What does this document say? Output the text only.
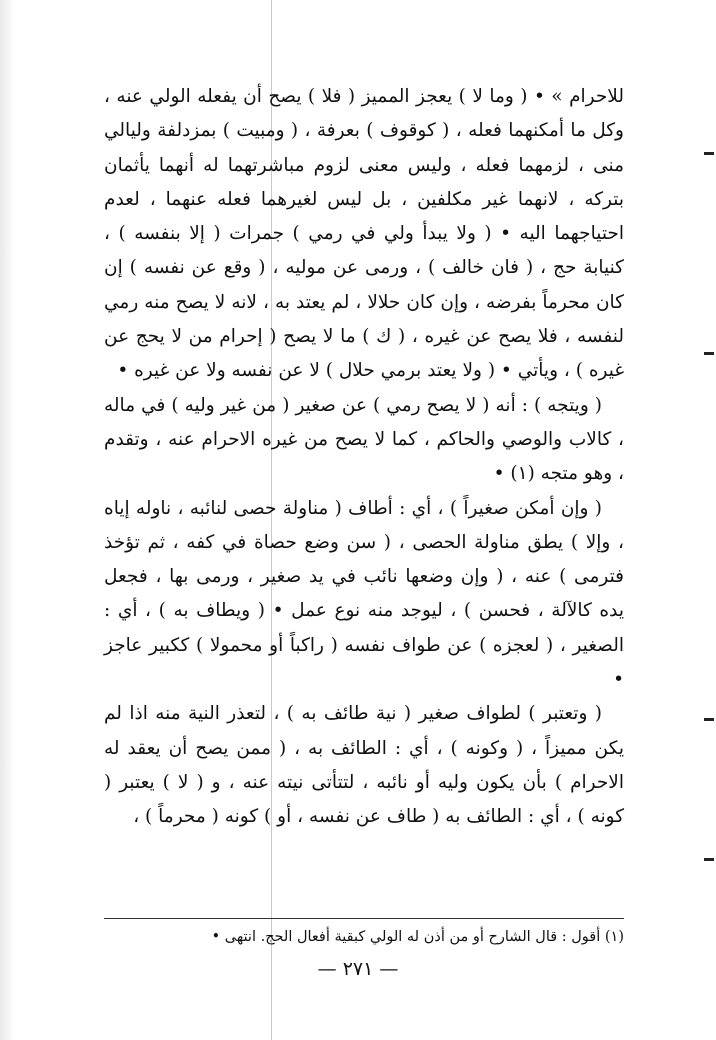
للاحرام » • ( وما لا ) يعجز المميز ( فلا ) يصح أن يفعله الولي عنه ، وكل ما أمكنهما فعله ، ( كوقوف ) بعرفة ، ( ومبيت ) بمزدلفة وليالي منى ، لزمهما فعله ، وليس معنى لزوم مباشرتهما له أنهما يأثمان بتركه ، لانهما غير مكلفين ، بل ليس لغيرهما فعله عنهما ، لعدم احتياجهما اليه • ( ولا يبدأ ولي في رمي ) جمرات ( إلا بنفسه ) ، كنيابة حج ، ( فان خالف ) ، ورمى عن موليه ، ( وقع عن نفسه ) إن كان محرماً بفرضه ، وإن كان حلالا ، لم يعتد به ، لانه لا يصح منه رمي لنفسه ، فلا يصح عن غيره ، ( ك ) ما لا يصح ( إحرام من لا يحج عن غيره ) ، ويأتي • ( ولا يعتد برمي حلال ) لا عن نفسه ولا عن غيره •

( ويتجه ) : أنه ( لا يصح رمي ) عن صغير ( من غير وليه ) في ماله ، كالاب والوصي والحاكم ، كما لا يصح من غيره الاحرام عنه ، وتقدم ، وهو متجه (١) •

( وإن أمكن صغيراً ) ، أي : أطاف ( مناولة حصى لنائبه ، ناوله إياه ، وإلا ) يطق مناولة الحصى ، ( سن وضع حصاة في كفه ، ثم تؤخذ فترمى ) عنه ، ( وإن وضعها نائب في يد صغير ، ورمى بها ، فجعل يده كالآلة ، فحسن ) ، ليوجد منه نوع عمل • ( ويطاف به ) ، أي : الصغير ، ( لعجزه ) عن طواف نفسه ( راكباً أو محمولا ) ككبير عاجز •

( وتعتبر ) لطواف صغير ( نية طائف به ) ، لتعذر النية منه اذا لم يكن مميزاً ، ( وكونه ) ، أي : الطائف به ، ( ممن يصح أن يعقد له الاحرام ) بأن يكون وليه أو نائبه ، لتتأتى نيته عنه ، و ( لا ) يعتبر ( كونه ) ، أي : الطائف به ( طاف عن نفسه ، أو ) كونه ( محرماً ) ،

(١) أقول : قال الشارح أو من أذن له الولي كبقية أفعال الحج. انتهى •
— ٢٧١ —
